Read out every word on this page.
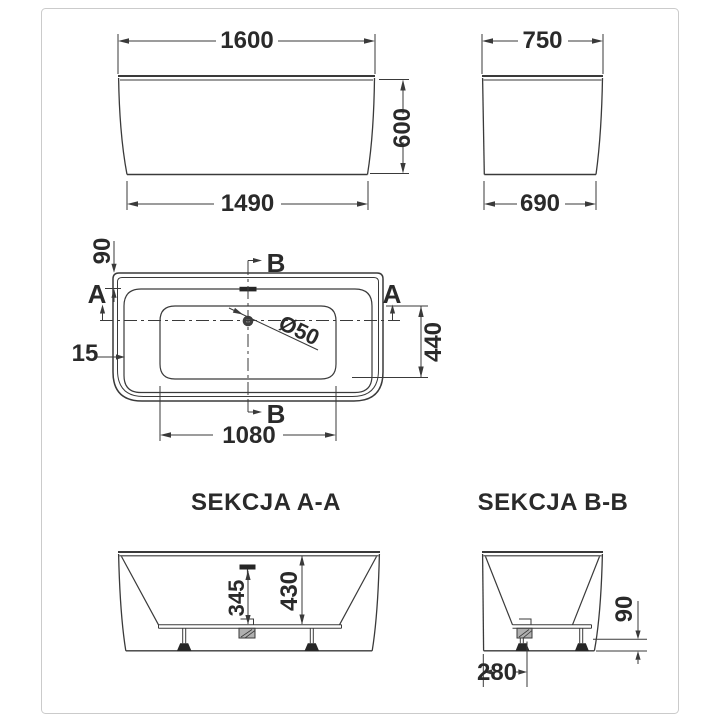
1600
1490
600
750
690
A	A
B
B
90
15	440
1080
Ø50
SEKCJA A-A
345 430
SEKCJA B-B
90
280
